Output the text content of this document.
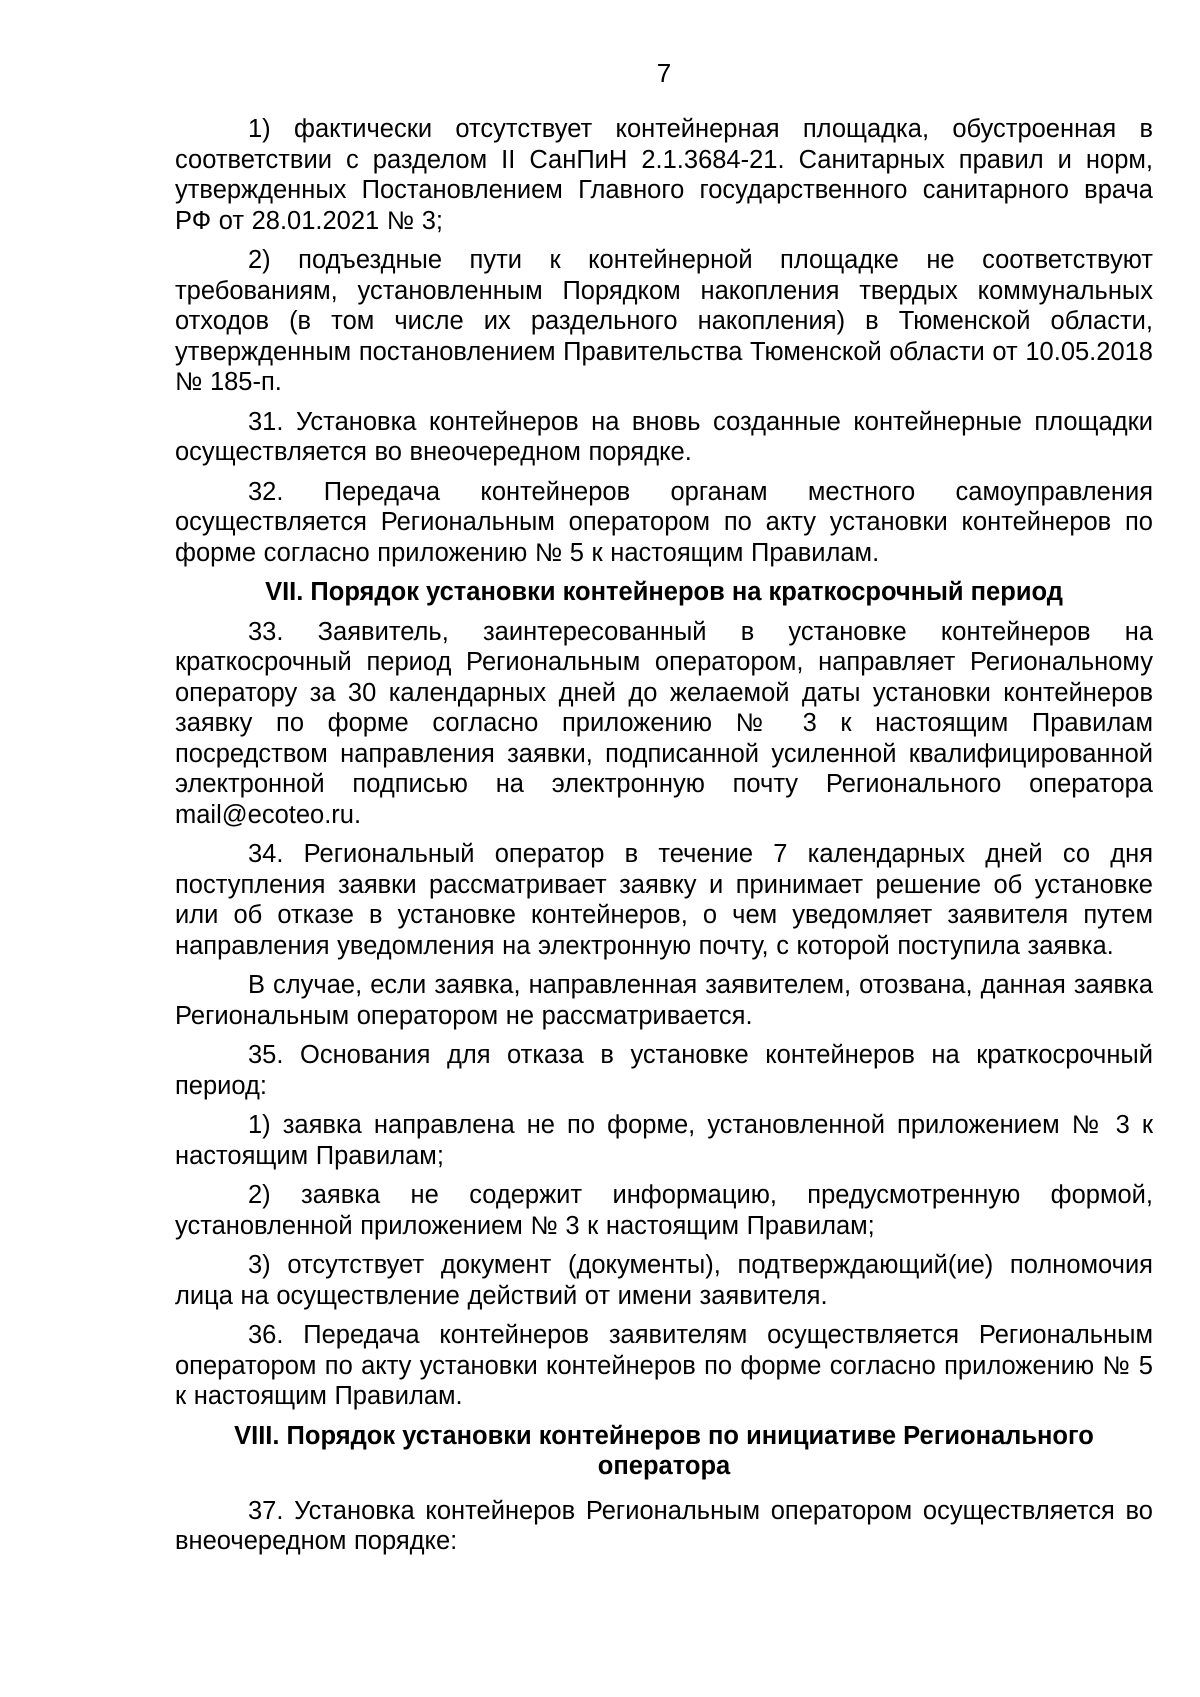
7

1) фактически отсутствует контейнерная площадка, обустроенная в соответствии с разделом II СанПиН 2.1.3684-21. Санитарных правил и норм, утвержденных Постановлением Главного государственного санитарного врача РФ от 28.01.2021 № 3;

2) подъездные пути к контейнерной площадке не соответствуют требованиям, установленным Порядком накопления твердых коммунальных отходов (в том числе их раздельного накопления) в Тюменской области, утвержденным постановлением Правительства Тюменской области от 10.05.2018 № 185-п.

31. Установка контейнеров на вновь созданные контейнерные площадки осуществляется во внеочередном порядке.

32. Передача контейнеров органам местного самоуправления осуществляется Региональным оператором по акту установки контейнеров по форме согласно приложению № 5 к настоящим Правилам.

VII. Порядок установки контейнеров на краткосрочный период

33. Заявитель, заинтересованный в установке контейнеров на краткосрочный период Региональным оператором, направляет Региональному оператору за 30 календарных дней до желаемой даты установки контейнеров заявку по форме согласно приложению № 3 к настоящим Правилам посредством направления заявки, подписанной усиленной квалифицированной электронной подписью на электронную почту Регионального оператора mail@ecoteo.ru.

34. Региональный оператор в течение 7 календарных дней со дня поступления заявки рассматривает заявку и принимает решение об установке или об отказе в установке контейнеров, о чем уведомляет заявителя путем направления уведомления на электронную почту, с которой поступила заявка.

В случае, если заявка, направленная заявителем, отозвана, данная заявка Региональным оператором не рассматривается.

35. Основания для отказа в установке контейнеров на краткосрочный период:

1) заявка направлена не по форме, установленной приложением № 3 к настоящим Правилам;

2) заявка не содержит информацию, предусмотренную формой, установленной приложением № 3 к настоящим Правилам;

3) отсутствует документ (документы), подтверждающий(ие) полномочия лица на осуществление действий от имени заявителя.

36. Передача контейнеров заявителям осуществляется Региональным оператором по акту установки контейнеров по форме согласно приложению № 5 к настоящим Правилам.

VIII. Порядок установки контейнеров по инициативе Регионального оператора

37. Установка контейнеров Региональным оператором осуществляется во внеочередном порядке:
